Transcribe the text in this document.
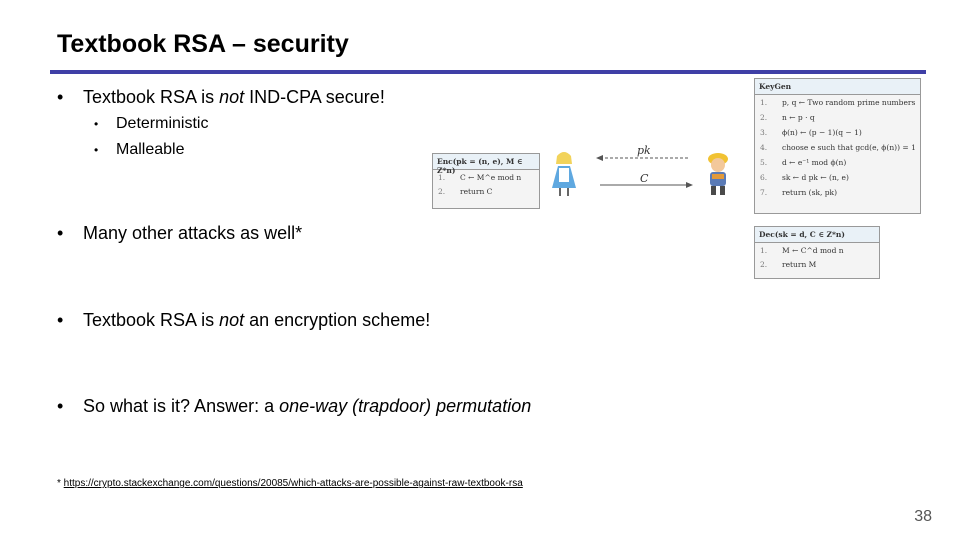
Textbook RSA – security
• Textbook RSA is not IND-CPA secure!
• Deterministic
• Malleable
• Many other attacks as well*
• Textbook RSA is not an encryption scheme!
• So what is it? Answer: a one-way (trapdoor) permutation
Enc(pk = (n, e), M ∈ Z*n)
1.	C ← M^e mod n
2.	return C
pk
C
KeyGen
1.	p, q ← Two random prime numbers
2.	n ← p · q
3.	ϕ(n) ← (p − 1)(q − 1)
4.	choose e such that gcd(e, ϕ(n)) = 1
5.	d ← e⁻¹ mod ϕ(n)
6.	sk ← d pk ← (n, e)
7.	return (sk, pk)
Dec(sk = d, C ∈ Z*n)
1.	M ← C^d mod n
2.	return M
* https://crypto.stackexchange.com/questions/20085/which-attacks-are-possible-against-raw-textbook-rsa
38
